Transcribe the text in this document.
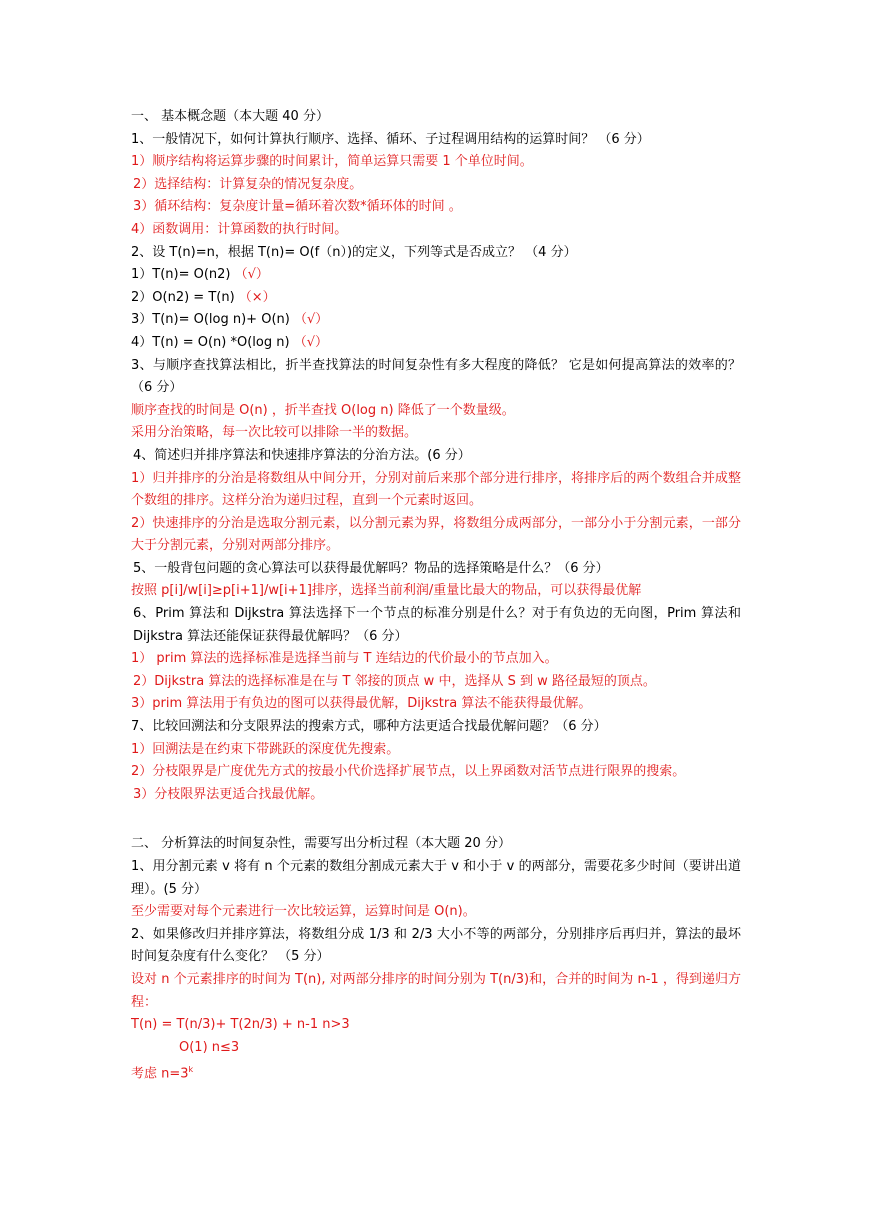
一、 基本概念题（本大题 40 分）
1、一般情况下，如何计算执行顺序、选择、循环、子过程调用结构的运算时间？ （6 分）
1）顺序结构将运算步骤的时间累计，简单运算只需要 1 个单位时间。
2）选择结构：计算复杂的情况复杂度。
3）循环结构：复杂度计量=循环着次数*循环体的时间 。
4）函数调用：计算函数的执行时间。
2、设 T(n)=n，根据 T(n)= O(f（n）)的定义，下列等式是否成立？ （4 分）
1）T(n)= O(n2) （√）
2）O(n2) = T(n) （×）
3）T(n)= O(log n)+ O(n) （√）
4）T(n) = O(n) *O(log n) （√）
3、与顺序查找算法相比，折半查找算法的时间复杂性有多大程度的降低？ 它是如何提高算法的效率的？ （6 分）
顺序查找的时间是 O(n) ，折半查找 O(log n) 降低了一个数量级。
采用分治策略，每一次比较可以排除一半的数据。
4、简述归并排序算法和快速排序算法的分治方法。(6 分）
1）归并排序的分治是将数组从中间分开，分别对前后来那个部分进行排序，将排序后的两个数组合并成整个数组的排序。这样分治为递归过程，直到一个元素时返回。
2）快速排序的分治是选取分割元素，以分割元素为界，将数组分成两部分，一部分小于分割元素，一部分大于分割元素，分别对两部分排序。
5、一般背包问题的贪心算法可以获得最优解吗？物品的选择策略是什么？（6 分）
按照 p[i]/w[i]≥p[i+1]/w[i+1]排序，选择当前利润/重量比最大的物品，可以获得最优解
6、Prim 算法和 Dijkstra 算法选择下一个节点的标准分别是什么？对于有负边的无向图，Prim 算法和 Dijkstra 算法还能保证获得最优解吗？（6 分）
1） prim 算法的选择标准是选择当前与 T 连结边的代价最小的节点加入。
2）Dijkstra 算法的选择标准是在与 T 邻接的顶点 w 中，选择从 S 到 w 路径最短的顶点。
3）prim 算法用于有负边的图可以获得最优解，Dijkstra 算法不能获得最优解。
7、比较回溯法和分支限界法的搜索方式，哪种方法更适合找最优解问题？（6 分）
1）回溯法是在约束下带跳跃的深度优先搜索。
2）分枝限界是广度优先方式的按最小代价选择扩展节点，以上界函数对活节点进行限界的搜索。
3）分枝限界法更适合找最优解。
二、 分析算法的时间复杂性，需要写出分析过程（本大题 20 分）
1、用分割元素 v 将有 n 个元素的数组分割成元素大于 v 和小于 v 的两部分，需要花多少时间（要讲出道理）。(5 分）
至少需要对每个元素进行一次比较运算，运算时间是 O(n)。
2、如果修改归并排序算法，将数组分成 1/3 和 2/3 大小不等的两部分，分别排序后再归并，算法的最坏时间复杂度有什么变化？ （5 分）
设对 n 个元素排序的时间为 T(n), 对两部分排序的时间分别为 T(n/3)和，合并的时间为 n-1 ，得到递归方程：
T(n) = T(n/3)+ T(2n/3) + n-1 n>3
O(1) n≤3
考虑 $n=3^k$
